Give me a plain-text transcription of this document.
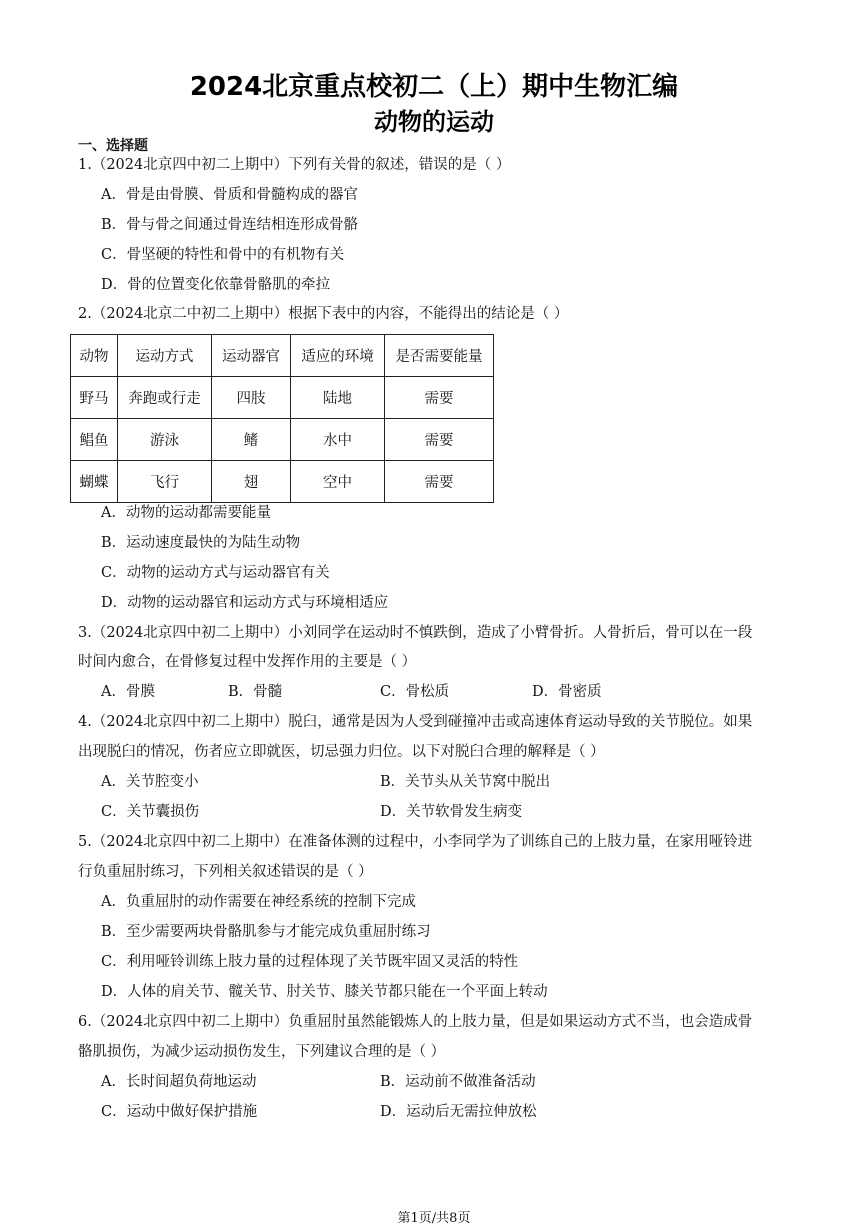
2024北京重点校初二（上）期中生物汇编
动物的运动
一、选择题
1.（2024北京四中初二上期中）下列有关骨的叙述，错误的是（ ）
A．骨是由骨膜、骨质和骨髓构成的器官
B．骨与骨之间通过骨连结相连形成骨骼
C．骨坚硬的特性和骨中的有机物有关
D．骨的位置变化依靠骨骼肌的牵拉
2.（2024北京二中初二上期中）根据下表中的内容，不能得出的结论是（ ）
动物	运动方式	运动器官	适应的环境	是否需要能量
野马	奔跑或行走	四肢	陆地	需要
鲳鱼	游泳	鳍	水中	需要
蝴蝶	飞行	翅	空中	需要
A．动物的运动都需要能量
B．运动速度最快的为陆生动物
C．动物的运动方式与运动器官有关
D．动物的运动器官和运动方式与环境相适应
3.（2024北京四中初二上期中）小刘同学在运动时不慎跌倒，造成了小臂骨折。人骨折后，骨可以在一段
时间内愈合，在骨修复过程中发挥作用的主要是（ ）
A．骨膜	B．骨髓	C．骨松质	D．骨密质
4.（2024北京四中初二上期中）脱臼，通常是因为人受到碰撞冲击或高速体育运动导致的关节脱位。如果
出现脱臼的情况，伤者应立即就医，切忌强力归位。以下对脱臼合理的解释是（ ）
A．关节腔变小	B．关节头从关节窝中脱出
C．关节囊损伤	D．关节软骨发生病变
5.（2024北京四中初二上期中）在准备体测的过程中，小李同学为了训练自己的上肢力量，在家用哑铃进
行负重屈肘练习，下列相关叙述错误的是（ ）
A．负重屈肘的动作需要在神经系统的控制下完成
B．至少需要两块骨骼肌参与才能完成负重屈肘练习
C．利用哑铃训练上肢力量的过程体现了关节既牢固又灵活的特性
D．人体的肩关节、髋关节、肘关节、膝关节都只能在一个平面上转动
6.（2024北京四中初二上期中）负重屈肘虽然能锻炼人的上肢力量，但是如果运动方式不当，也会造成骨
骼肌损伤，为减少运动损伤发生，下列建议合理的是（ ）
A．长时间超负荷地运动	B．运动前不做准备活动
C．运动中做好保护措施	D．运动后无需拉伸放松
第1页/共8页
